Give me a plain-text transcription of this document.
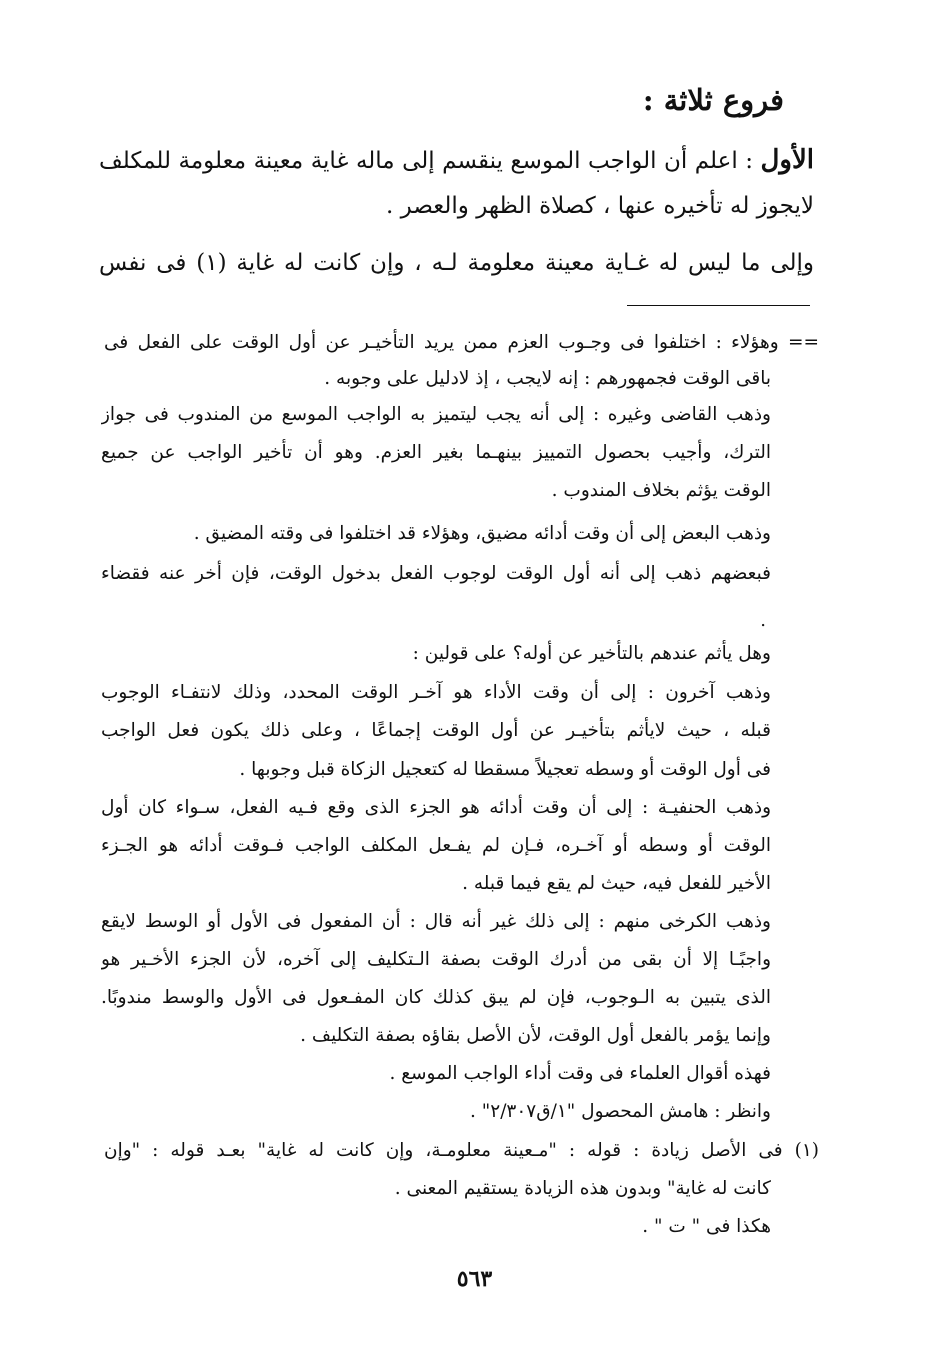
فروع ثلاثة :
الأول : اعلم أن الواجب الموسع ينقسم إلى ماله غاية معينة معلومة للمكلف
لايجوز له تأخيره عنها ، كصلاة الظهر والعصر .
وإلى ما ليس له غـاية معينة معلومة لـه ، وإن كانت له غاية (١) فى نفس
== وهؤلاء : اختلفوا فى وجـوب العزم ممن يريد التأخيـر عن أول الوقت على الفعل فى
باقى الوقت فجمهورهم : إنه لايجب ، إذ لادليل على وجوبه .
وذهب القاضى وغيره : إلى أنه يجب ليتميز به الواجب الموسع من المندوب فى جواز
الترك، وأجيب بحصول التمييز بينهـما بغير العزم. وهو أن تأخير الواجب عن جميع
الوقت يؤثم بخلاف المندوب .
وذهب البعض إلى أن وقت أدائه مضيق، وهؤلاء قد اختلفوا فى وقته المضيق .
فبعضهم ذهب إلى أنه أول الوقت لوجوب الفعل بدخول الوقت، فإن أخر عنه فقضاء
.
وهل يأثم عندهم بالتأخير عن أوله؟ على قولين :
وذهب آخرون : إلى أن وقت الأداء هو آخـر الوقت المحدد، وذلك لانتفـاء الوجوب
قبله ، حيث لايأثم بتأخيـر عن أول الوقت إجماعًا ، وعلى ذلك يكون فعل الواجب
فى أول الوقت أو وسطه تعجيلاً مسقطا له كتعجيل الزكاة قبل وجوبها .
وذهب الحنفيـة : إلى أن وقت أدائه هو الجزء الذى وقع فـيه الفعل، سـواء كان أول
الوقت أو وسطه أو آخـره، فـإن لم يفـعل المكلف الواجب فـوقت أدائه هو الجـزء
الأخير للفعل فيه، حيث لم يقع فيما قبله .
وذهب الكرخى منهم : إلى ذلك غير أنه قال : أن المفعول فى الأول أو الوسط لايقع
واجبًـا إلا أن بقى من أدرك الوقت بصفة الـتكليف إلى آخره، لأن الجزء الأخـير هو
الذى يتبين به الـوجوب، فإن لم يبق كذلك كان المفـعول فى الأول والوسط مندوبًا.
وإنما يؤمر بالفعل أول الوقت، لأن الأصل بقاؤه بصفة التكليف .
فهذه أقوال العلماء فى وقت أداء الواجب الموسع .
وانظر : هامش المحصول "١/ق٢/٣٠٧" .
(١) فى الأصل زيادة : قوله : "مـعينة معلومـة، وإن كانت له غاية" بعـد قوله : "وإن
كانت له غاية" وبدون هذه الزيادة يستقيم المعنى .
هكذا فى " ت " .
٥٦٣
